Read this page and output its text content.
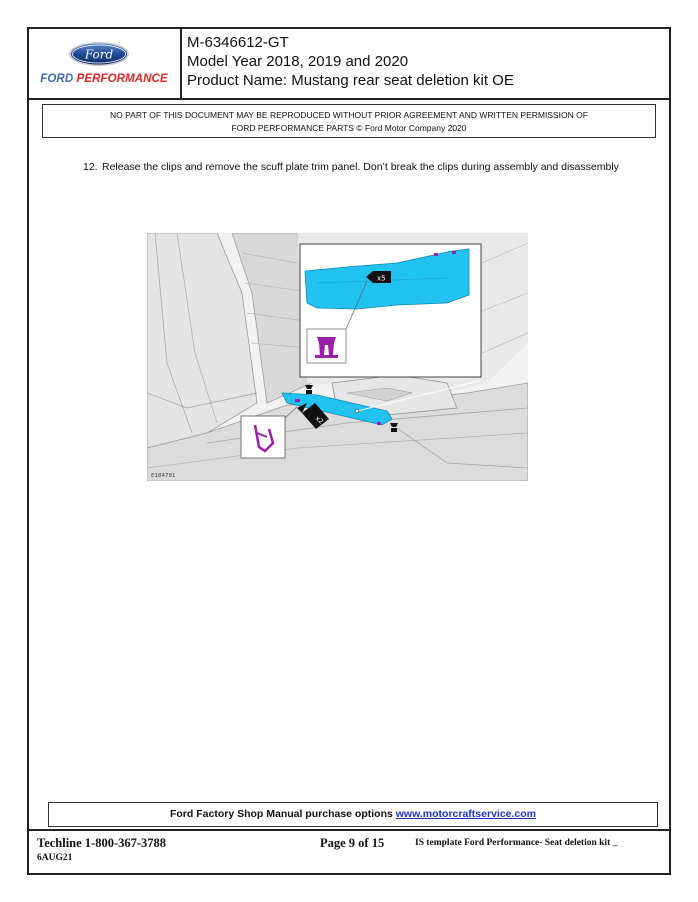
Ford
FORD PERFORMANCE
M-6346612-GT
Model Year 2018, 2019 and 2020
Product Name: Mustang rear seat deletion kit OE
NO PART OF THIS DOCUMENT MAY BE REPRODUCED WITHOUT PRIOR AGREEMENT AND WRITTEN PERMISSION OF
FORD PERFORMANCE PARTS © Ford Motor Company 2020
12. Release the clips and remove the scuff plate trim panel. Don’t break the clips during assembly and disassembly
x2
x5
E184781
Ford Factory Shop Manual purchase options www.motorcraftservice.com
Techline 1-800-367-3788	Page 9 of 15	IS template Ford Performance- Seat deletion kit _
6AUG21
